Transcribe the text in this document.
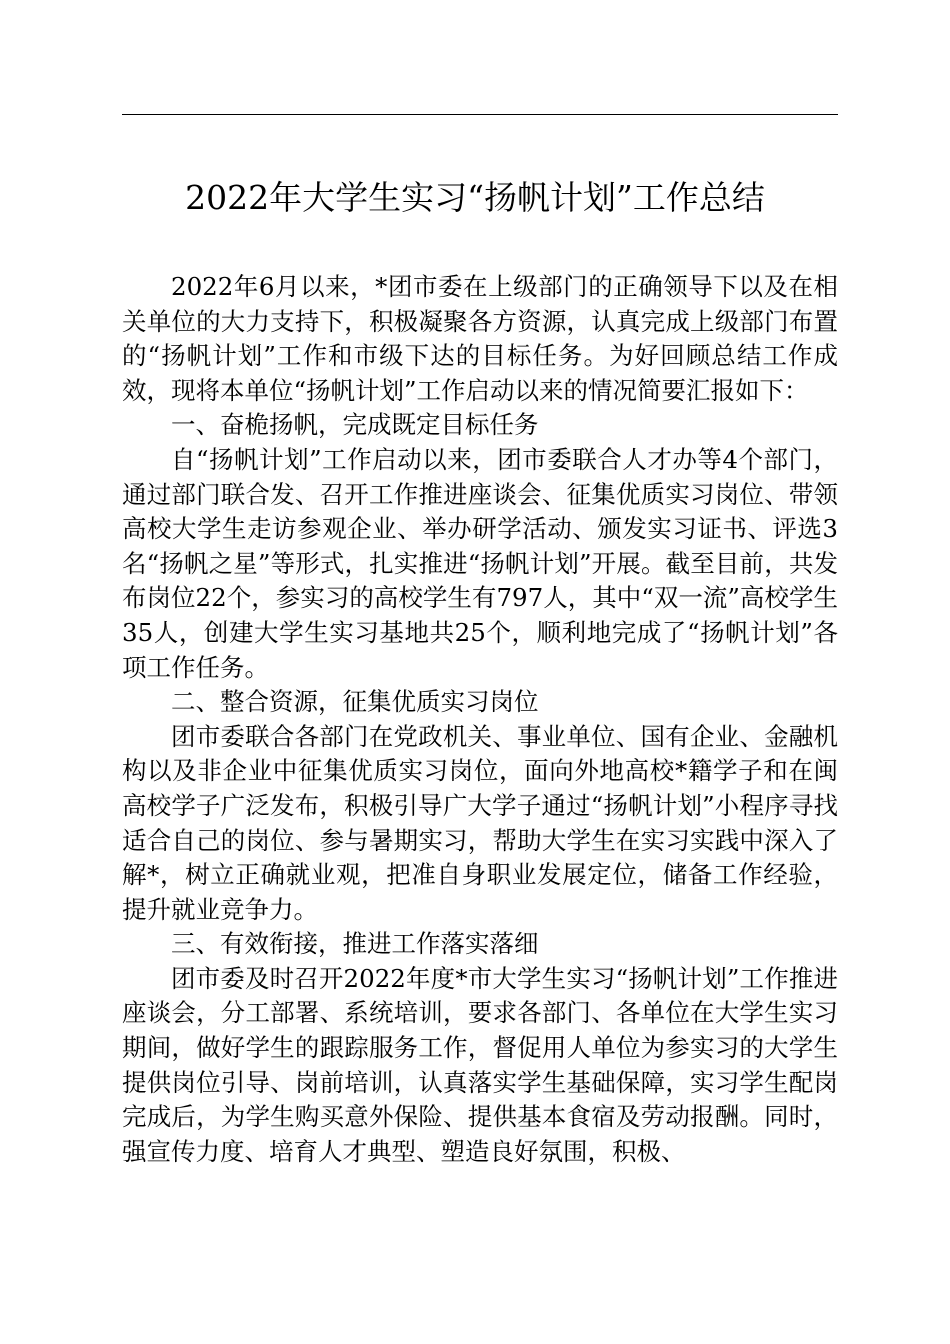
2022年大学生实习“扬帆计划”工作总结

2022年6月以来，*团市委在上级部门的正确领导下以及在相关单位的大力支持下，积极凝聚各方资源，认真完成上级部门布置的“扬帆计划”工作和市级下达的目标任务。为好回顾总结工作成效，现将本单位“扬帆计划”工作启动以来的情况简要汇报如下：

一、奋桅扬帆，完成既定目标任务

自“扬帆计划”工作启动以来，团市委联合人才办等4个部门，通过部门联合发、召开工作推进座谈会、征集优质实习岗位、带领高校大学生走访参观企业、举办研学活动、颁发实习证书、评选3名“扬帆之星”等形式，扎实推进“扬帆计划”开展。截至目前，共发布岗位22个，参实习的高校学生有797人，其中“双一流”高校学生35人，创建大学生实习基地共25个，顺利地完成了“扬帆计划”各项工作任务。

二、整合资源，征集优质实习岗位

团市委联合各部门在党政机关、事业单位、国有企业、金融机构以及非企业中征集优质实习岗位，面向外地高校*籍学子和在闽高校学子广泛发布，积极引导广大学子通过“扬帆计划”小程序寻找适合自己的岗位、参与暑期实习，帮助大学生在实习实践中深入了解*，树立正确就业观，把准自身职业发展定位，储备工作经验，提升就业竞争力。

三、有效衔接，推进工作落实落细

团市委及时召开2022年度*市大学生实习“扬帆计划”工作推进座谈会，分工部署、系统培训，要求各部门、各单位在大学生实习期间，做好学生的跟踪服务工作，督促用人单位为参实习的大学生提供岗位引导、岗前培训，认真落实学生基础保障，实习学生配岗完成后，为学生购买意外保险、提供基本食宿及劳动报酬。同时，强宣传力度、培育人才典型、塑造良好氛围，积极、
